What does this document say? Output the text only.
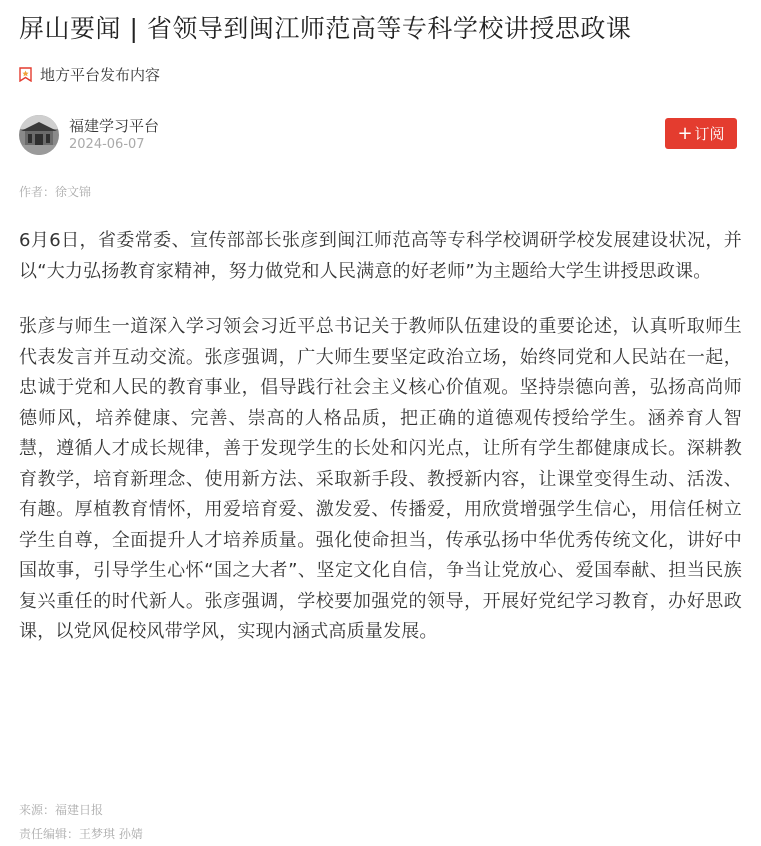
屏山要闻 | 省领导到闽江师范高等专科学校讲授思政课
地方平台发布内容
福建学习平台
2024-06-07
+ 订阅
作者：徐文锦

6月6日，省委常委、宣传部部长张彦到闽江师范高等专科学校调研学校发展建设状况，并以“大力弘扬教育家精神，努力做党和人民满意的好老师”为主题给大学生讲授思政课。

张彦与师生一道深入学习领会习近平总书记关于教师队伍建设的重要论述，认真听取师生代表发言并互动交流。张彦强调，广大师生要坚定政治立场，始终同党和人民站在一起，忠诚于党和人民的教育事业，倡导践行社会主义核心价值观。坚持崇德向善，弘扬高尚师德师风，培养健康、完善、崇高的人格品质，把正确的道德观传授给学生。涵养育人智慧，遵循人才成长规律，善于发现学生的长处和闪光点，让所有学生都健康成长。深耕教育教学，培育新理念、使用新方法、采取新手段、教授新内容，让课堂变得生动、活泼、有趣。厚植教育情怀，用爱培育爱、激发爱、传播爱，用欣赏增强学生信心，用信任树立学生自尊，全面提升人才培养质量。强化使命担当，传承弘扬中华优秀传统文化，讲好中国故事，引导学生心怀“国之大者”、坚定文化自信，争当让党放心、爱国奉献、担当民族复兴重任的时代新人。张彦强调，学校要加强党的领导，开展好党纪学习教育，办好思政课，以党风促校风带学风，实现内涵式高质量发展。

来源：福建日报
责任编辑：王梦琪 孙婧
